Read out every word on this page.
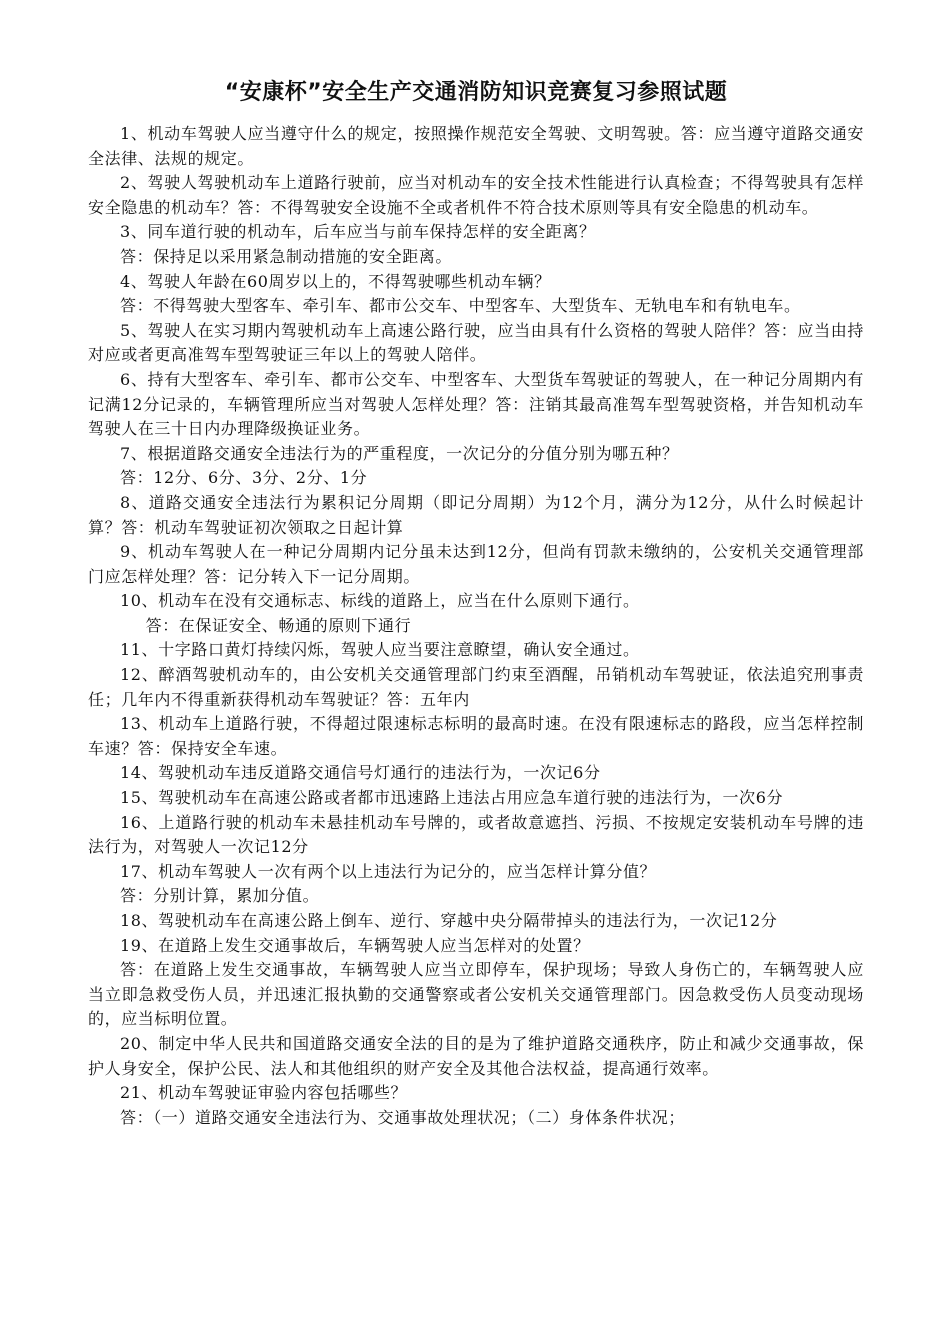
“安康杯”安全生产交通消防知识竞赛复习参照试题

1、机动车驾驶人应当遵守什么的规定，按照操作规范安全驾驶、文明驾驶。答：应当遵守道路交通安全法律、法规的规定。

2、驾驶人驾驶机动车上道路行驶前，应当对机动车的安全技术性能进行认真检查；不得驾驶具有怎样安全隐患的机动车？答：不得驾驶安全设施不全或者机件不符合技术原则等具有安全隐患的机动车。

3、同车道行驶的机动车，后车应当与前车保持怎样的安全距离？

答：保持足以采用紧急制动措施的安全距离。

4、驾驶人年龄在60周岁以上的，不得驾驶哪些机动车辆？

答：不得驾驶大型客车、牵引车、都市公交车、中型客车、大型货车、无轨电车和有轨电车。

5、驾驶人在实习期内驾驶机动车上高速公路行驶，应当由具有什么资格的驾驶人陪伴？答：应当由持对应或者更高准驾车型驾驶证三年以上的驾驶人陪伴。

6、持有大型客车、牵引车、都市公交车、中型客车、大型货车驾驶证的驾驶人，在一种记分周期内有记满12分记录的，车辆管理所应当对驾驶人怎样处理？答：注销其最高准驾车型驾驶资格，并告知机动车驾驶人在三十日内办理降级换证业务。

7、根据道路交通安全违法行为的严重程度，一次记分的分值分别为哪五种？

答：12分、6分、3分、2分、1分

8、道路交通安全违法行为累积记分周期（即记分周期）为12个月，满分为12分，从什么时候起计算？答：机动车驾驶证初次领取之日起计算

9、机动车驾驶人在一种记分周期内记分虽未达到12分，但尚有罚款未缴纳的，公安机关交通管理部门应怎样处理？答：记分转入下一记分周期。

10、机动车在没有交通标志、标线的道路上，应当在什么原则下通行。

答：在保证安全、畅通的原则下通行

11、十字路口黄灯持续闪烁，驾驶人应当要注意瞭望，确认安全通过。

12、醉酒驾驶机动车的，由公安机关交通管理部门约束至酒醒，吊销机动车驾驶证，依法追究刑事责任；几年内不得重新获得机动车驾驶证？答：五年内

13、机动车上道路行驶，不得超过限速标志标明的最高时速。在没有限速标志的路段，应当怎样控制车速？答：保持安全车速。

14、驾驶机动车违反道路交通信号灯通行的违法行为，一次记6分

15、驾驶机动车在高速公路或者都市迅速路上违法占用应急车道行驶的违法行为，一次6分

16、上道路行驶的机动车未悬挂机动车号牌的，或者故意遮挡、污损、不按规定安装机动车号牌的违法行为，对驾驶人一次记12分

17、机动车驾驶人一次有两个以上违法行为记分的，应当怎样计算分值？

答：分别计算，累加分值。

18、驾驶机动车在高速公路上倒车、逆行、穿越中央分隔带掉头的违法行为，一次记12分

19、在道路上发生交通事故后，车辆驾驶人应当怎样对的处置？

答：在道路上发生交通事故，车辆驾驶人应当立即停车，保护现场；导致人身伤亡的，车辆驾驶人应当立即急救受伤人员，并迅速汇报执勤的交通警察或者公安机关交通管理部门。因急救受伤人员变动现场的，应当标明位置。

20、制定中华人民共和国道路交通安全法的目的是为了维护道路交通秩序，防止和减少交通事故，保护人身安全，保护公民、法人和其他组织的财产安全及其他合法权益，提高通行效率。

21、机动车驾驶证审验内容包括哪些？

答：（一）道路交通安全违法行为、交通事故处理状况；（二）身体条件状况；
